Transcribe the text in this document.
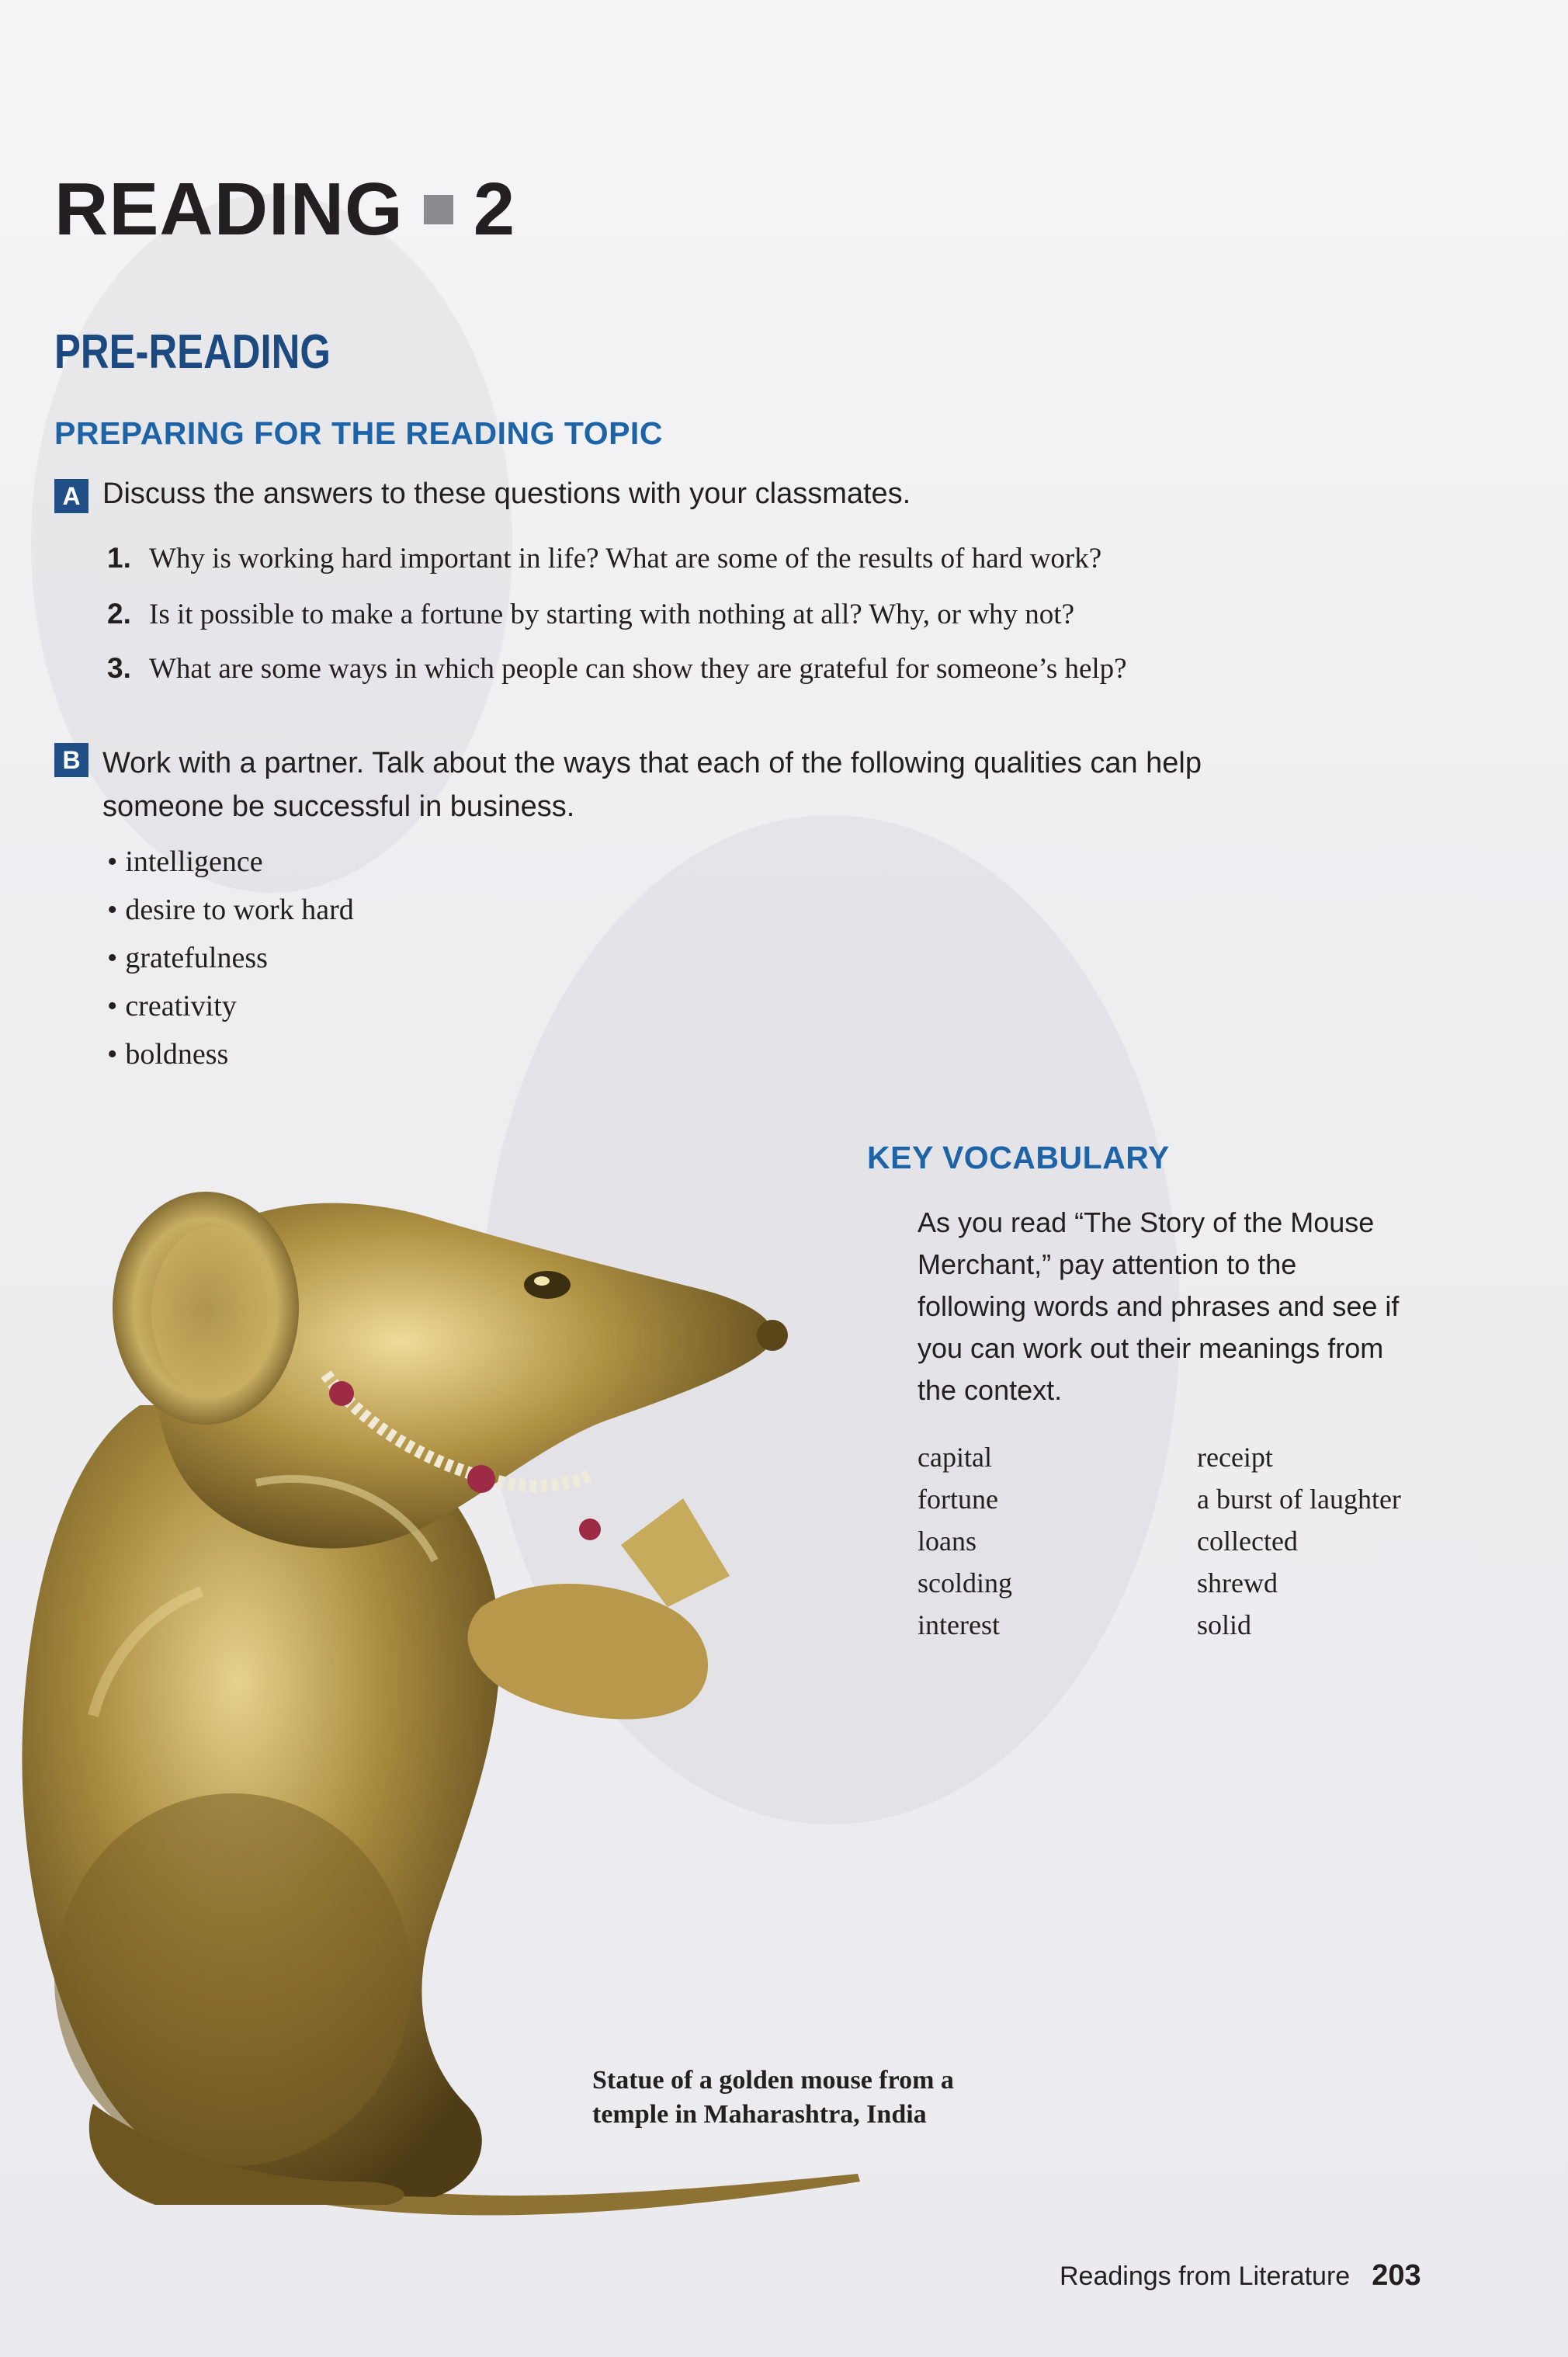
READING 2
PRE-READING
PREPARING FOR THE READING TOPIC
A Discuss the answers to these questions with your classmates.
1. Why is working hard important in life? What are some of the results of hard work?
2. Is it possible to make a fortune by starting with nothing at all? Why, or why not?
3. What are some ways in which people can show they are grateful for someone’s help?
B Work with a partner. Talk about the ways that each of the following qualities can help
someone be successful in business.
• intelligence
• desire to work hard
• gratefulness
• creativity
• boldness
KEY VOCABULARY
As you read “The Story of the Mouse
Merchant,” pay attention to the
following words and phrases and see if
you can work out their meanings from
the context.
capital
fortune
loans
scolding
interest
receipt
a burst of laughter
collected
shrewd
solid
Statue of a golden mouse from a
temple in Maharashtra, India
Readings from Literature 203
